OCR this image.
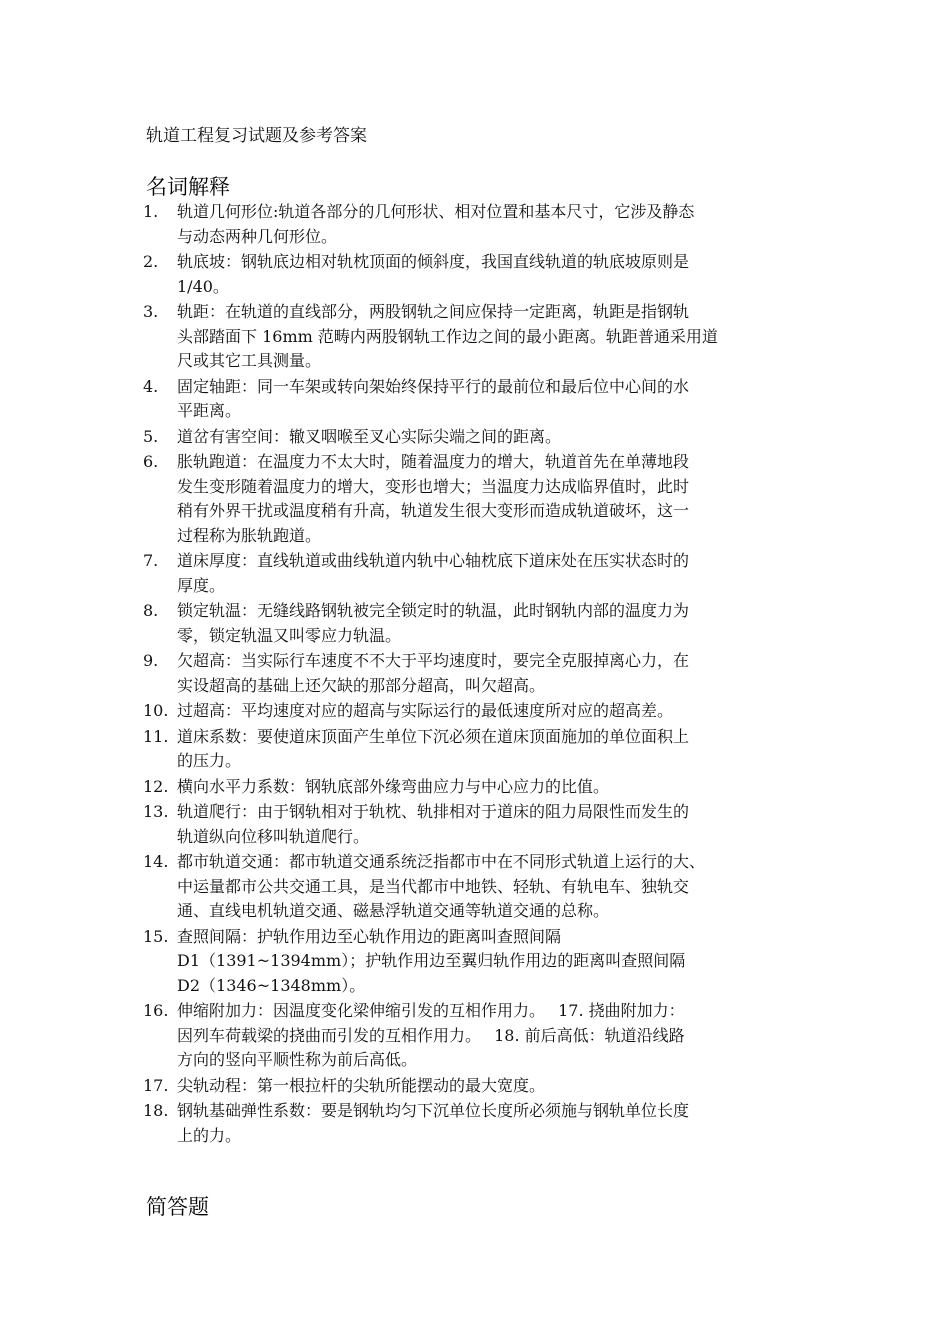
轨道工程复习试题及参考答案
名词解释
1.	轨道几何形位:轨道各部分的几何形状、相对位置和基本尺寸，它涉及静态
与动态两种几何形位。
2.	轨底坡：钢轨底边相对轨枕顶面的倾斜度，我国直线轨道的轨底坡原则是
1/40。
3.	轨距：在轨道的直线部分，两股钢轨之间应保持一定距离，轨距是指钢轨
头部踏面下 16mm 范畴内两股钢轨工作边之间的最小距离。轨距普通采用道
尺或其它工具测量。
4.	固定轴距：同一车架或转向架始终保持平行的最前位和最后位中心间的水
平距离。
5.	道岔有害空间：辙叉咽喉至叉心实际尖端之间的距离。
6.	胀轨跑道：在温度力不太大时，随着温度力的增大，轨道首先在单薄地段
发生变形随着温度力的增大，变形也增大；当温度力达成临界值时，此时
稍有外界干扰或温度稍有升高，轨道发生很大变形而造成轨道破坏，这一
过程称为胀轨跑道。
7.	道床厚度：直线轨道或曲线轨道内轨中心轴枕底下道床处在压实状态时的
厚度。
8.	锁定轨温：无缝线路钢轨被完全锁定时的轨温，此时钢轨内部的温度力为
零，锁定轨温又叫零应力轨温。
9.	欠超高：当实际行车速度不不大于平均速度时，要完全克服掉离心力，在
实设超高的基础上还欠缺的那部分超高，叫欠超高。
10. 过超高：平均速度对应的超高与实际运行的最低速度所对应的超高差。
11. 道床系数：要使道床顶面产生单位下沉必须在道床顶面施加的单位面积上
的压力。
12. 横向水平力系数：钢轨底部外缘弯曲应力与中心应力的比值。
13. 轨道爬行：由于钢轨相对于轨枕、轨排相对于道床的阻力局限性而发生的
轨道纵向位移叫轨道爬行。
14. 都市轨道交通：都市轨道交通系统泛指都市中在不同形式轨道上运行的大、
中运量都市公共交通工具，是当代都市中地铁、轻轨、有轨电车、独轨交
通、直线电机轨道交通、磁悬浮轨道交通等轨道交通的总称。
15. 查照间隔：护轨作用边至心轨作用边的距离叫查照间隔
D1（1391~1394mm）；护轨作用边至翼归轨作用边的距离叫查照间隔
D2（1346~1348mm）。
16. 伸缩附加力：因温度变化梁伸缩引发的互相作用力。　 17. 挠曲附加力：
因列车荷载梁的挠曲而引发的互相作用力。　 18. 前后高低：轨道沿线路
方向的竖向平顺性称为前后高低。
17. 尖轨动程：第一根拉杆的尖轨所能摆动的最大宽度。
18. 钢轨基础弹性系数：要是钢轨均匀下沉单位长度所必须施与钢轨单位长度
上的力。
简答题
